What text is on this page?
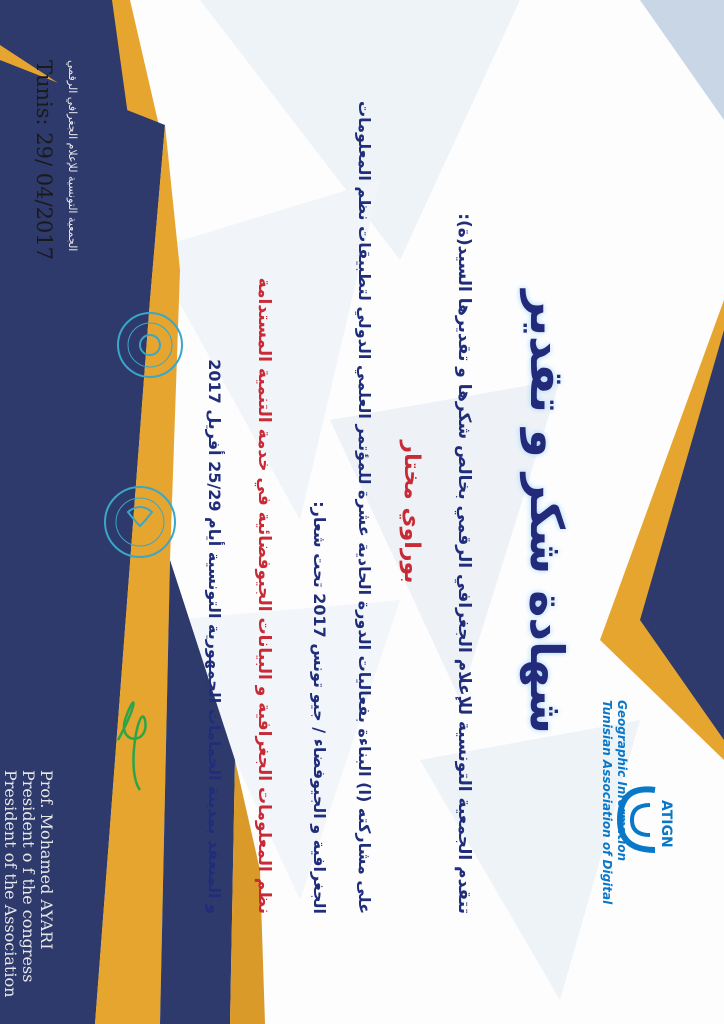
ATIGN
شهادة شكر و تقدير
تتقدم الجمعية التونسية للإعلام الجغرافي الرقمي بخالص شكرها و تقديرها السيد(ة):
بوراوي مختار
على مشاركته (ا) البناءة بفعاليات الدورة الحادية عشرة للمؤتمر العلمي الدولي لتطبيقات نظم المعلومات
الجغرافية و الجيوفضاء / جيو تونس 2017 تحت شعار:
نظم المعلومات الجغرافية و البيانات الجيوفضائية في خدمة التنمية المستدامة
و المنعقد بمدينة الحمامات الجمهورية التونسية أيام 25/29 أفريل 2017
Tunis: 29/ 04/2017 الجمعية التونسية للإعلام الجغرافي الرقمي
Prof. Mohamed AYARI
President o f the congress
President of the Association	Tunisian Association of Digital Geographic Information
